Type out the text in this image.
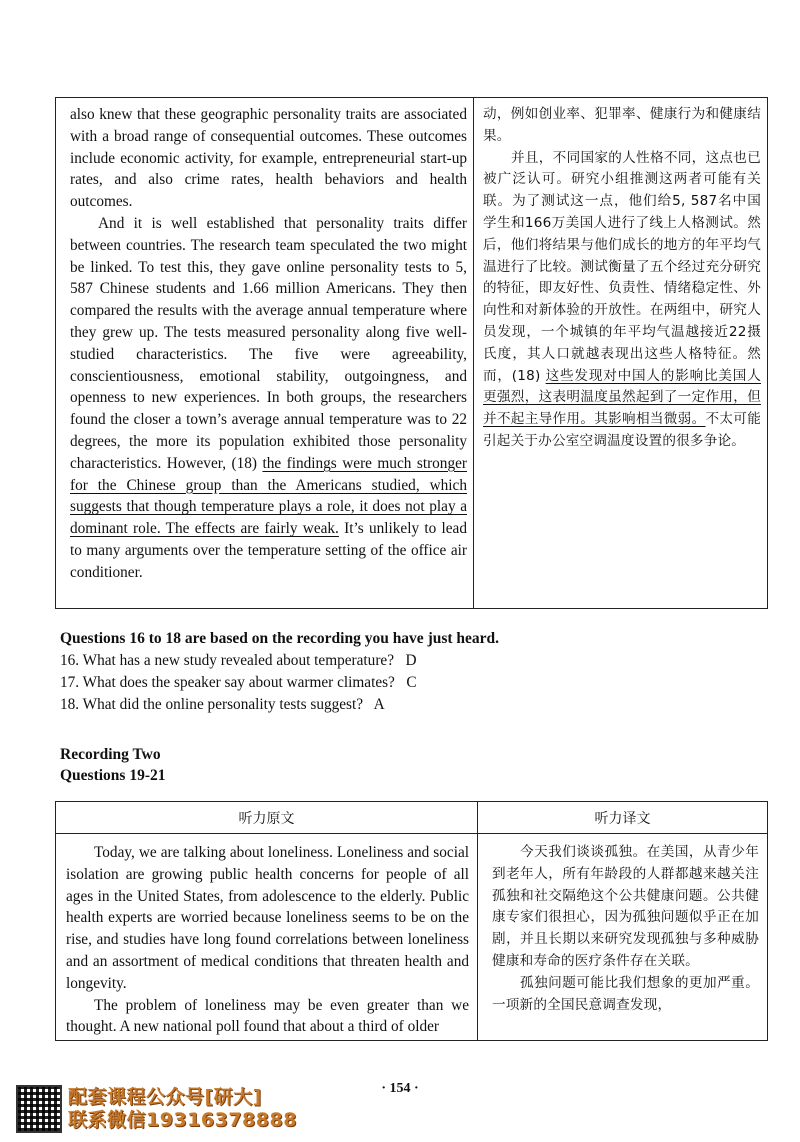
also knew that these geographic personality traits are associated with a broad range of consequential outcomes. These outcomes include economic activity, for example, entrepreneurial start-up rates, and also crime rates, health behaviors and health outcomes.

And it is well established that personality traits differ between countries. The research team speculated the two might be linked. To test this, they gave online personality tests to 5, 587 Chinese students and 1.66 million Americans. They then compared the results with the average annual temperature where they grew up. The tests measured personality along five well-studied characteristics. The five were agreeability, conscientiousness, emotional stability, outgoingness, and openness to new experiences. In both groups, the researchers found the closer a town’s average annual temperature was to 22 degrees, the more its population exhibited those personality characteristics. However, (18) the findings were much stronger for the Chinese group than the Americans studied, which suggests that though temperature plays a role, it does not play a dominant role. The effects are fairly weak. It’s unlikely to lead to many arguments over the temperature setting of the office air conditioner.

动，例如创业率、犯罪率、健康行为和健康结果。

并且，不同国家的人性格不同，这点也已被广泛认可。研究小组推测这两者可能有关联。为了测试这一点，他们给5, 587名中国学生和166万美国人进行了线上人格测试。然后，他们将结果与他们成长的地方的年平均气温进行了比较。测试衡量了五个经过充分研究的特征，即友好性、负责性、情绪稳定性、外向性和对新体验的开放性。在两组中，研究人员发现，一个城镇的年平均气温越接近22摄氏度，其人口就越表现出这些人格特征。然而，(18) 这些发现对中国人的影响比美国人更强烈，这表明温度虽然起到了一定作用，但并不起主导作用。其影响相当微弱。不太可能引起关于办公室空调温度设置的很多争论。

Questions 16 to 18 are based on the recording you have just heard.

16. What has a new study revealed about temperature?   D
17. What does the speaker say about warmer climates?   C
18. What did the online personality tests suggest?   A

Recording Two

Questions 19-21

听力原文	听力译文

Today, we are talking about loneliness. Loneliness and social isolation are growing public health concerns for people of all ages in the United States, from adolescence to the elderly. Public health experts are worried because loneliness seems to be on the rise, and studies have long found correlations between loneliness and an assortment of medical conditions that threaten health and longevity.

The problem of loneliness may be even greater than we thought. A new national poll found that about a third of older

今天我们谈谈孤独。在美国，从青少年到老年人，所有年龄段的人群都越来越关注孤独和社交隔绝这个公共健康问题。公共健康专家们很担心，因为孤独问题似乎正在加剧，并且长期以来研究发现孤独与多种威胁健康和寿命的医疗条件存在关联。

孤独问题可能比我们想象的更加严重。一项新的全国民意调查发现，

· 154 ·
配套课程公众号[研大]
联系微信19316378888
